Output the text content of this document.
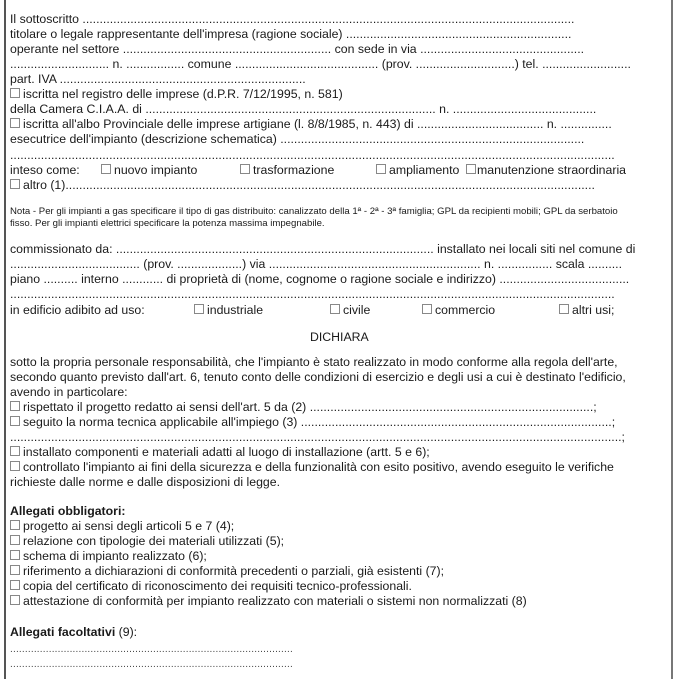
Il sottoscritto ................................................................................................................................................
titolare o legale rappresentante dell'impresa (ragione sociale) ..................................................................
operante nel settore ............................................................. con sede in via ................................................
............................. n. ................. comune .......................................... (prov. .............................) tel. ..........................
part. IVA ........................................................................
iscritta nel registro delle imprese (d.P.R. 7/12/1995, n. 581)
della Camera C.I.A.A. di ..................................................................................... n. ..........................................
iscritta all'albo Provinciale delle imprese artigiane (l. 8/8/1985, n. 443) di ..................................... n. ...............
esecutrice dell'impianto (descrizione schematica) .........................................................................................
.................................................................................................................................................................................
inteso come:	nuovo impianto	trasformazione	ampliamento	manutenzione straordinaria
altro (1)...........................................................................................................................................................
Nota - Per gli impianti a gas specificare il tipo di gas distribuito: canalizzato della 1ª - 2ª - 3ª famiglia; GPL da recipienti mobili; GPL da serbatoio
fisso. Per gli impianti elettrici specificare la potenza massima impegnabile.
commissionato da: ............................................................................................. installato nei locali siti nel comune di
...................................... (prov. ...................) via .............................................................. n. ................ scala ..........
piano .......... interno ............ di proprietà di (nome, cognome o ragione sociale e indirizzo) ......................................
.................................................................................................................................................................................
in edificio adibito ad uso:	industriale	civile	commercio	altri usi;
DICHIARA
sotto la propria personale responsabilità, che l'impianto è stato realizzato in modo conforme alla regola dell'arte,
secondo quanto previsto dall'art. 6, tenuto conto delle condizioni di esercizio e degli usi a cui è destinato l'edificio,
avendo in particolare:
rispettato il progetto redatto ai sensi dell'art. 5 da (2) ...................................................................................;
seguito la norma tecnica applicabile all'impiego (3) ...........................................................................................;
...................................................................................................................................................................................;
installato componenti e materiali adatti al luogo di installazione (artt. 5 e 6);
controllato l'impianto ai fini della sicurezza e della funzionalità con esito positivo, avendo eseguito le verifiche
richieste dalle norme e dalle disposizioni di legge.
Allegati obbligatori:
progetto ai sensi degli articoli 5 e 7 (4);
relazione con tipologie dei materiali utilizzati (5);
schema di impianto realizzato (6);
riferimento a dichiarazioni di conformità precedenti o parziali, già esistenti (7);
copia del certificato di riconoscimento dei requisiti tecnico-professionali.
attestazione di conformità per impianto realizzato con materiali o sistemi non normalizzati (8)
Allegati facoltativi (9):
...............................................................................................
...............................................................................................
